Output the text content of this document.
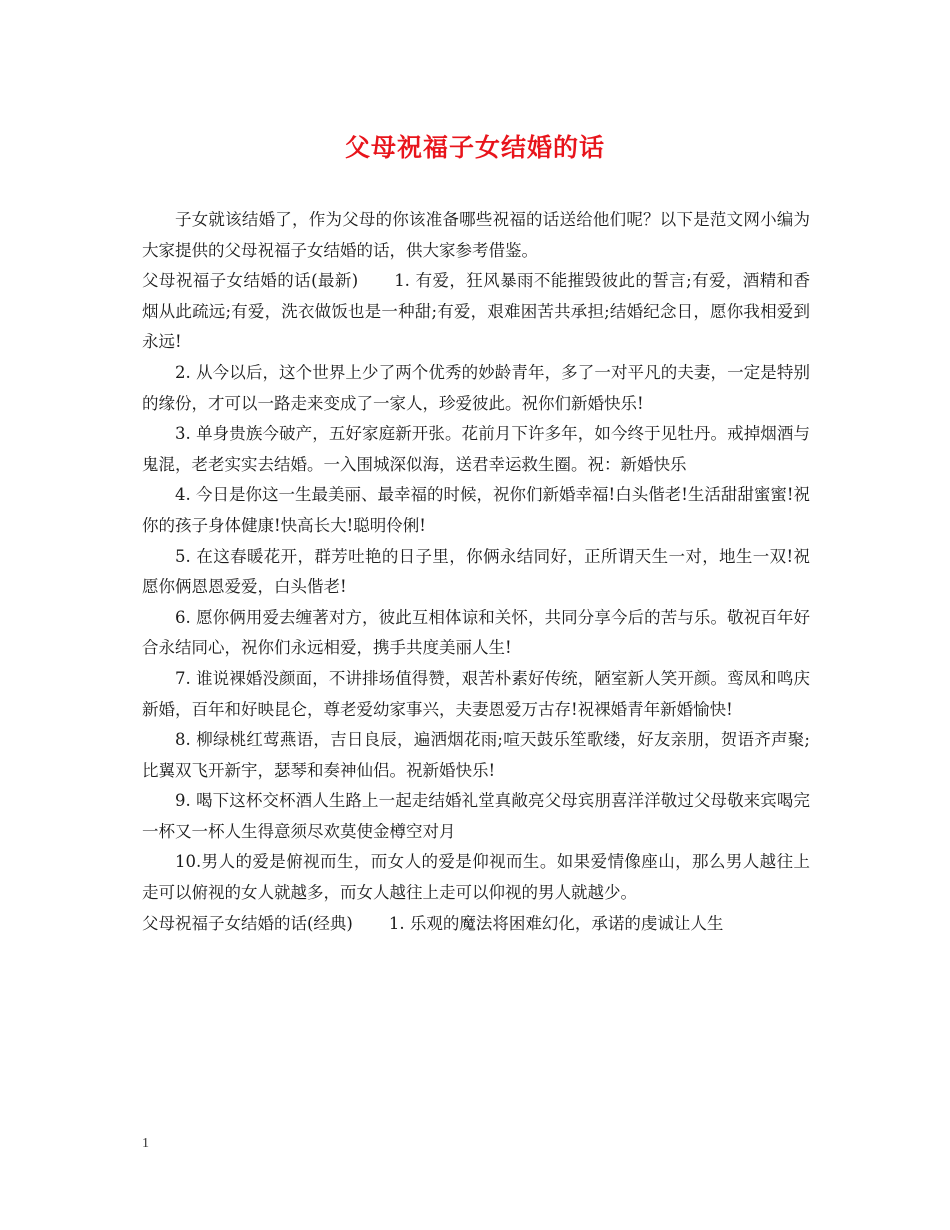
父母祝福子女结婚的话

子女就该结婚了，作为父母的你该准备哪些祝福的话送给他们呢？以下是范文网小编为大家提供的父母祝福子女结婚的话，供大家参考借鉴。

父母祝福子女结婚的话(最新) 1. 有爱，狂风暴雨不能摧毁彼此的誓言;有爱，酒精和香烟从此疏远;有爱，洗衣做饭也是一种甜;有爱，艰难困苦共承担;结婚纪念日，愿你我相爱到永远!

2. 从今以后，这个世界上少了两个优秀的妙龄青年，多了一对平凡的夫妻，一定是特别的缘份，才可以一路走来变成了一家人，珍爱彼此。祝你们新婚快乐!

3. 单身贵族今破产，五好家庭新开张。花前月下许多年，如今终于见牡丹。戒掉烟酒与鬼混，老老实实去结婚。一入围城深似海，送君幸运救生圈。祝：新婚快乐

4. 今日是你这一生最美丽、最幸福的时候，祝你们新婚幸福!白头偕老!生活甜甜蜜蜜!祝你的孩子身体健康!快高长大!聪明伶俐!

5. 在这春暖花开，群芳吐艳的日子里，你俩永结同好，正所谓天生一对，地生一双!祝愿你俩恩恩爱爱，白头偕老!

6. 愿你俩用爱去缠著对方，彼此互相体谅和关怀，共同分享今后的苦与乐。敬祝百年好合永结同心，祝你们永远相爱，携手共度美丽人生!

7. 谁说裸婚没颜面，不讲排场值得赞，艰苦朴素好传统，陋室新人笑开颜。鸾凤和鸣庆新婚，百年和好映昆仑，尊老爱幼家事兴，夫妻恩爱万古存!祝裸婚青年新婚愉快!

8. 柳绿桃红莺燕语，吉日良辰，遍洒烟花雨;喧天鼓乐笙歌缕，好友亲朋，贺语齐声聚;比翼双飞开新宇，瑟琴和奏神仙侣。祝新婚快乐!

9. 喝下这杯交杯酒人生路上一起走结婚礼堂真敞亮父母宾朋喜洋洋敬过父母敬来宾喝完一杯又一杯人生得意须尽欢莫使金樽空对月

10.男人的爱是俯视而生，而女人的爱是仰视而生。如果爱情像座山，那么男人越往上走可以俯视的女人就越多，而女人越往上走可以仰视的男人就越少。

父母祝福子女结婚的话(经典) 1. 乐观的魔法将困难幻化，承诺的虔诚让人生

1
